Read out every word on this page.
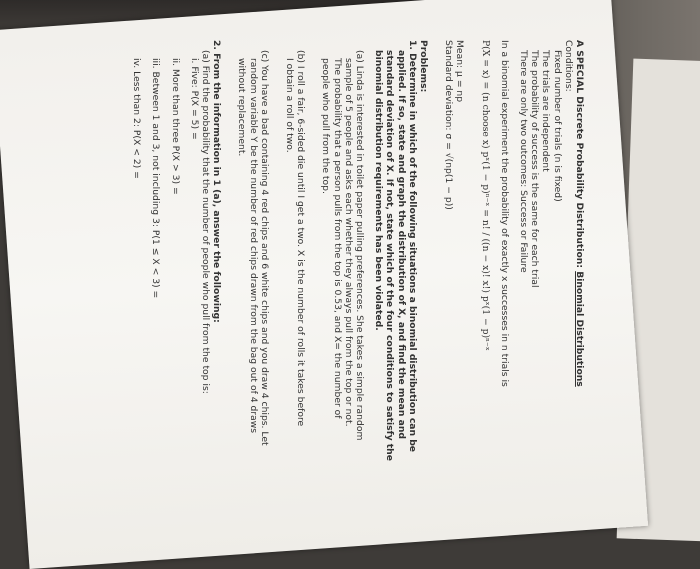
A SPECIAL Discrete Probability Distribution: Binomial Distributions
Conditions:
Fixed number of trials (n is fixed)
The trials are independent
The probability of success is the same for each trial
There are only two outcomes: Success or Failure
In a binomial experiment the probability of exactly x successes in n trials is
P(X = x) = (n choose x) pˣ(1 − p)ⁿ⁻ˣ = n! / ((n − x)! x!) pˣ(1 − p)ⁿ⁻ˣ
Mean: μ = np
Standard deviation: σ = √(np(1 − p))
Problems:
1. Determine in which of the following situations a binomial distribution can be
applied. If so, state and graph the distribution of X, and find the mean and
standard deviation of X. If not, state which of the four conditions to satisfy the
binomial distribution requirements has been violated.
(a) Linda is interested in toilet paper pulling preferences. She takes a simple random
sample of 5 people and asks each whether they always pull from the top or not.
The probability that a person pulls from the top is 0.53, and X= the number of
people who pull from the top.
(b) I roll a fair, 6-sided die until I get a two. X is the number of rolls it takes before
I obtain a roll of two.
(c) You have a bad containing 4 red chips and 6 white chips and you draw 4 chips. Let
random variable Y be the number of red chips drawn from the bag out of 4 draws
without replacement.
2. From the information in 1 (a), answer the following:
(a) Find the probability that the number of people who pull from the top is:
i. Five: P(X = 5) =
ii. More than three P(X > 3) =
iii. Between 1 and 3, not including 3: P(1 ≤ X < 3) =
iv. Less than 2: P(X < 2) =
